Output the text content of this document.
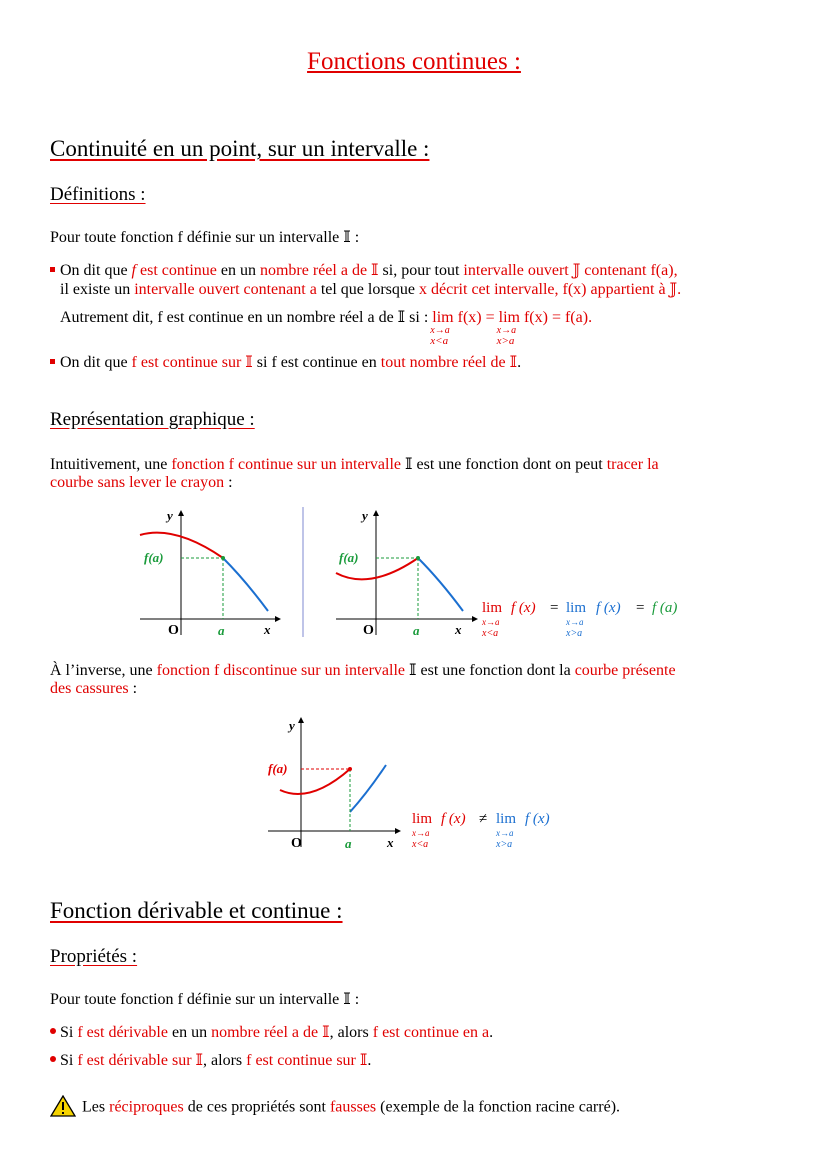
Fonctions continues :
Continuité en un point, sur un intervalle :
Définitions :
Pour toute fonction f définie sur un intervalle 𝕀 :
On dit que f est continue en un nombre réel a de 𝕀 si, pour tout intervalle ouvert 𝕁 contenant f(a),
il existe un intervalle ouvert contenant a tel que lorsque x décrit cet intervalle, f(x) appartient à 𝕁.
Autrement dit, f est continue en un nombre réel a de 𝕀 si : lim
x→a
x<a
f(x) = lim
x→a
x>a
f(x) = f(a).
On dit que f est continue sur 𝕀 si f est continue en tout nombre réel de 𝕀.
Représentation graphique :
Intuitivement, une fonction f continue sur un intervalle 𝕀 est une fonction dont on peut tracer la
courbe sans lever le crayon :
y
x
O	a
f(a)
y
x
O	a
f(a)
lim f (x) = lim f (x) = f (a)
x→a
x<a
x→a
x>a
À l’inverse, une fonction f discontinue sur un intervalle 𝕀 est une fonction dont la courbe présente
des cassures :
y
x
O	a
f(a)
lim f (x) ≠ lim f (x)
x→a
x<a
x→a
x>a
Fonction dérivable et continue :
Propriétés :
Pour toute fonction f définie sur un intervalle 𝕀 :
Si f est dérivable en un nombre réel a de 𝕀, alors f est continue en a.
Si f est dérivable sur 𝕀, alors f est continue sur 𝕀.
Les réciproques de ces propriétés sont fausses (exemple de la fonction racine carré).
